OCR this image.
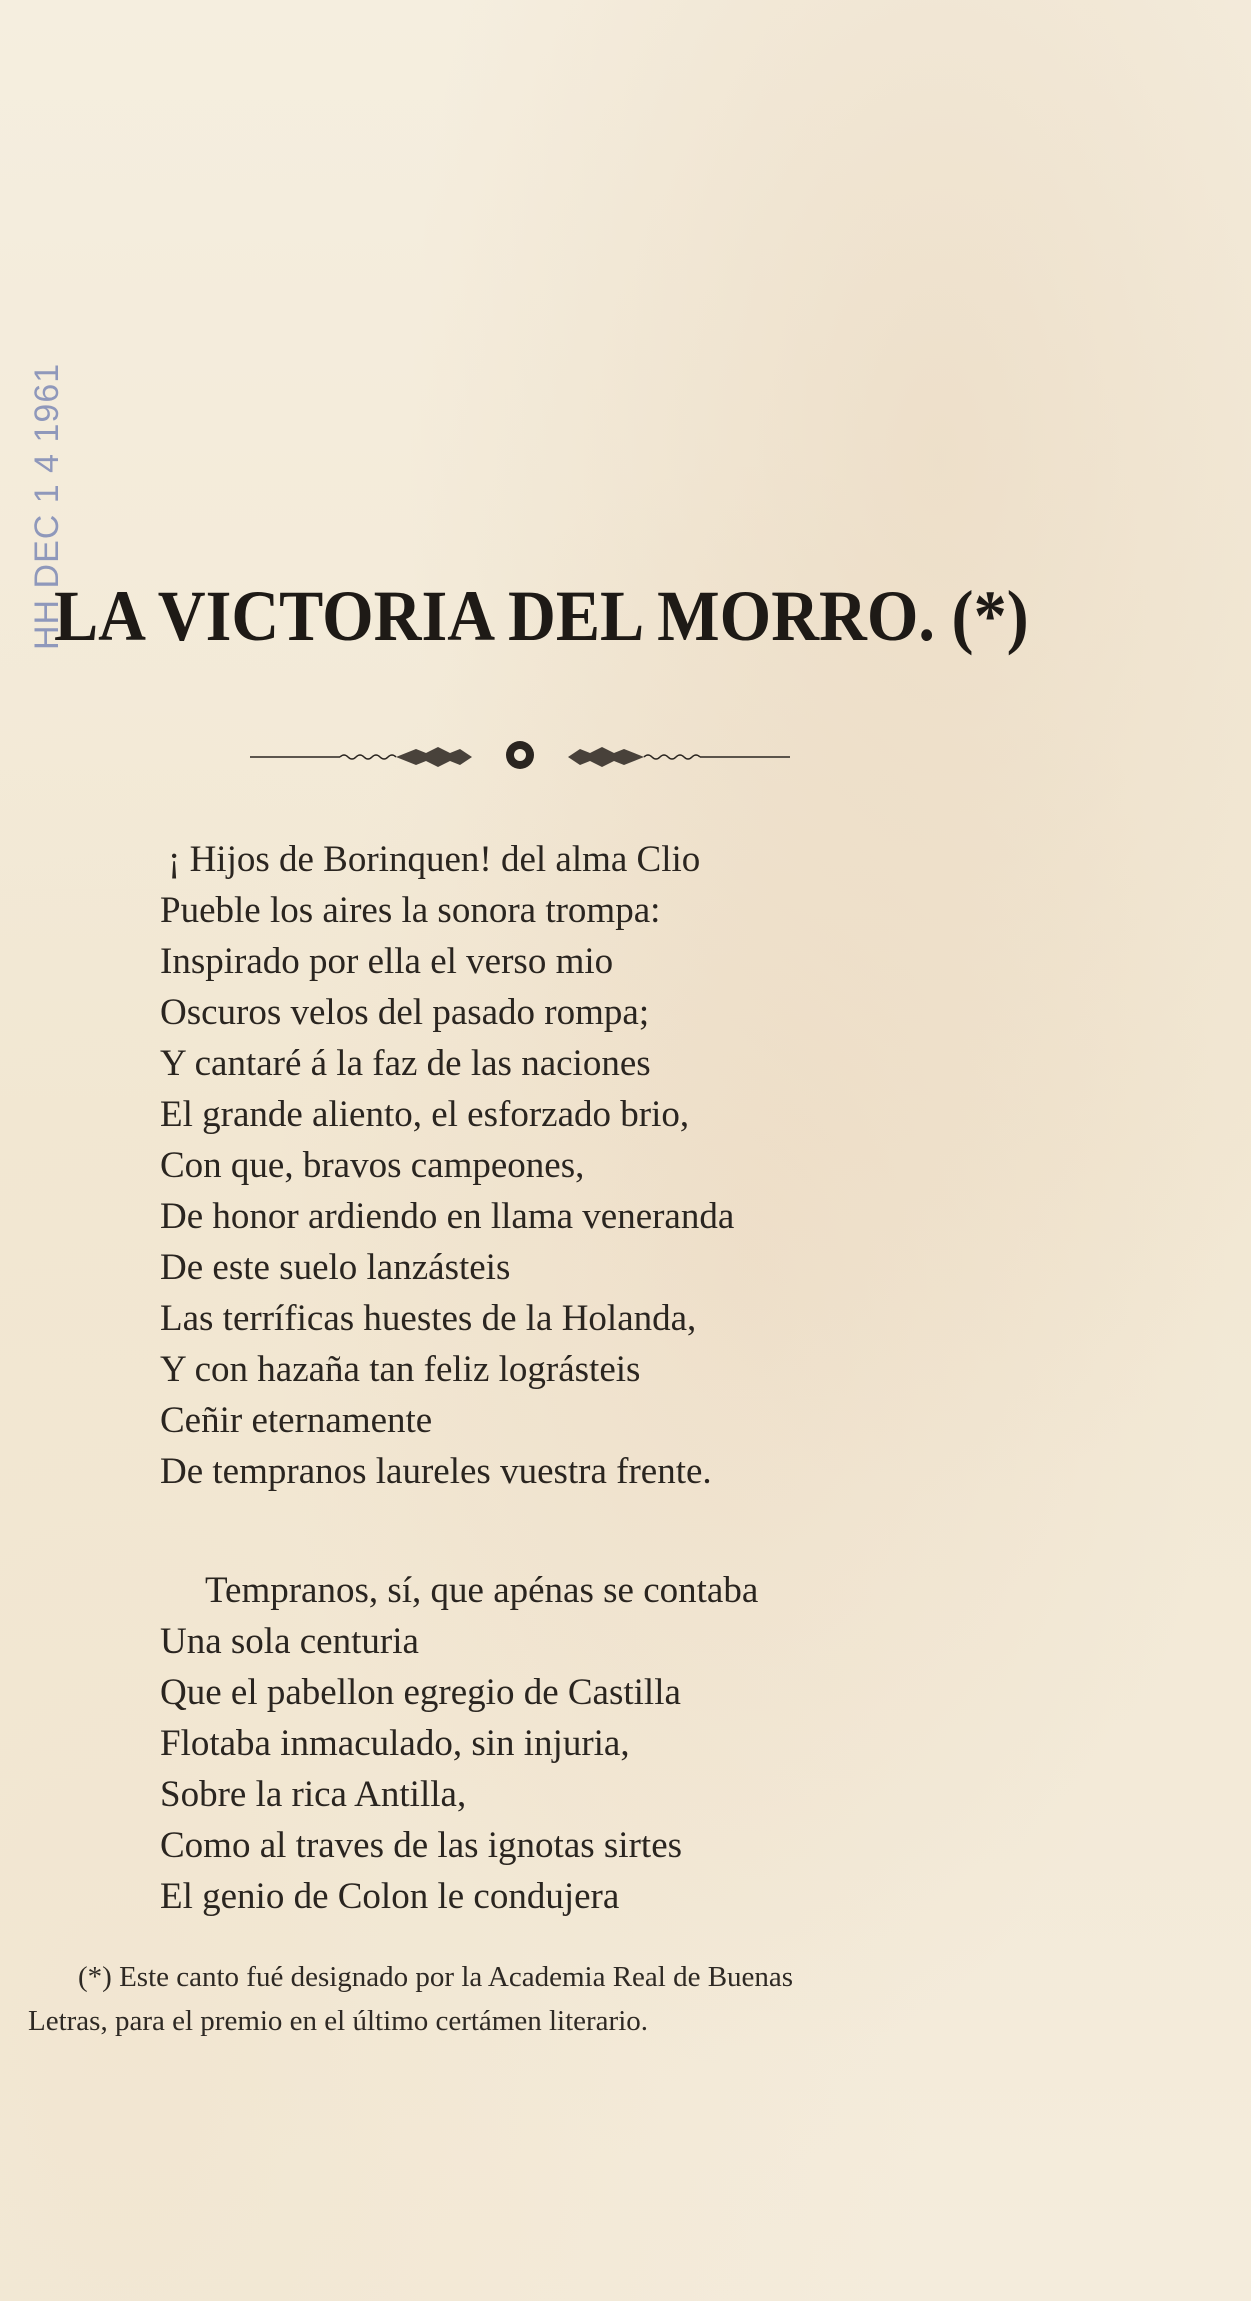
HH DEC 1 4 1961
LA VICTORIA DEL MORRO. (*)
¡ Hijos de Borinquen! del alma Clio
Pueble los aires la sonora trompa:
Inspirado por ella el verso mio
Oscuros velos del pasado rompa;
Y cantaré á la faz de las naciones
El grande aliento, el esforzado brio,
Con que, bravos campeones,
De honor ardiendo en llama veneranda
De este suelo lanzásteis
Las terríficas huestes de la Holanda,
Y con hazaña tan feliz lográsteis
Ceñir eternamente
De tempranos laureles vuestra frente.
Tempranos, sí, que apénas se contaba
Una sola centuria
Que el pabellon egregio de Castilla
Flotaba inmaculado, sin injuria,
Sobre la rica Antilla,
Como al traves de las ignotas sirtes
El genio de Colon le condujera
(*) Este canto fué designado por la Academia Real de Buenas
Letras, para el premio en el último certámen literario.
